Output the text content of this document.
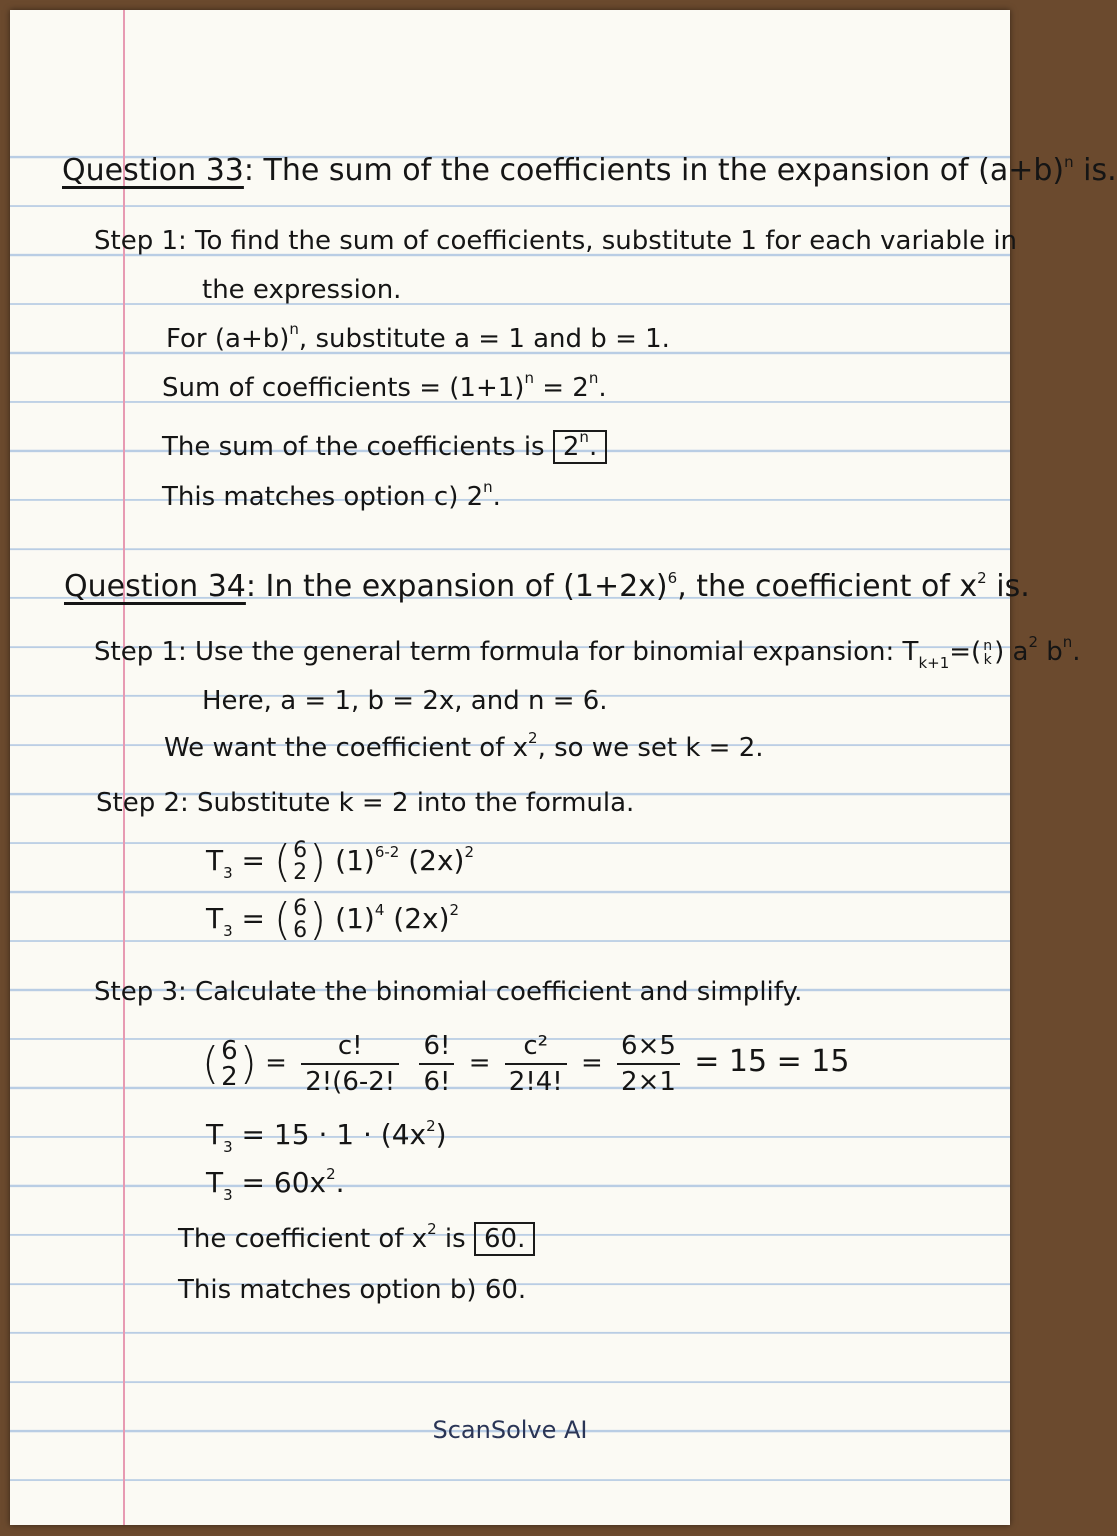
Question 33: The sum of the coefficients in the expansion of $(a+b)^n$ is.
Step 1: To find the sum of coefficients, substitute 1 for each variable in
the expression.
For $(a+b)^n$, substitute a = 1 and b = 1.
Sum of coefficients = $(1+1)^n = 2^n$.
The sum of the coefficients is 2$^n$.
This matches option c) 2$^n$.
Question 34: In the expansion of $(1+2x)^6$, the coefficient of $x^2$ is.
Step 1: Use the general term formula for binomial expansion: $T_{k+1}=$( n
k) $a^2$ $b^n$.
Here, a = 1, b = 2x, and n = 6.
We want the coefficient of $x^2$, so we set k = 2.
Step 2: Substitute k = 2 into the formula.
$T_3 = (6$
2) $(1)^{6-2}$ $(2x)^2$
$T_3 = (6$
6) $(1)^4$ $(2x)^2$
Step 3: Calculate the binomial coefficient and simplify.
(6
$2) = \frac{c!}{2!(6-2!}$
$\frac{6!}{6!} = \frac{\text{c²}}{2!4!} = \frac{6\times 5}{2\times 1} = 15 = 15$
$T_3 = 15 \cdot 1 \cdot (4x^2)$
$T_3 = 60x^2$.
The coefficient of $x^2$ is 60.
This matches option b) 60.
ScanSolve AI
